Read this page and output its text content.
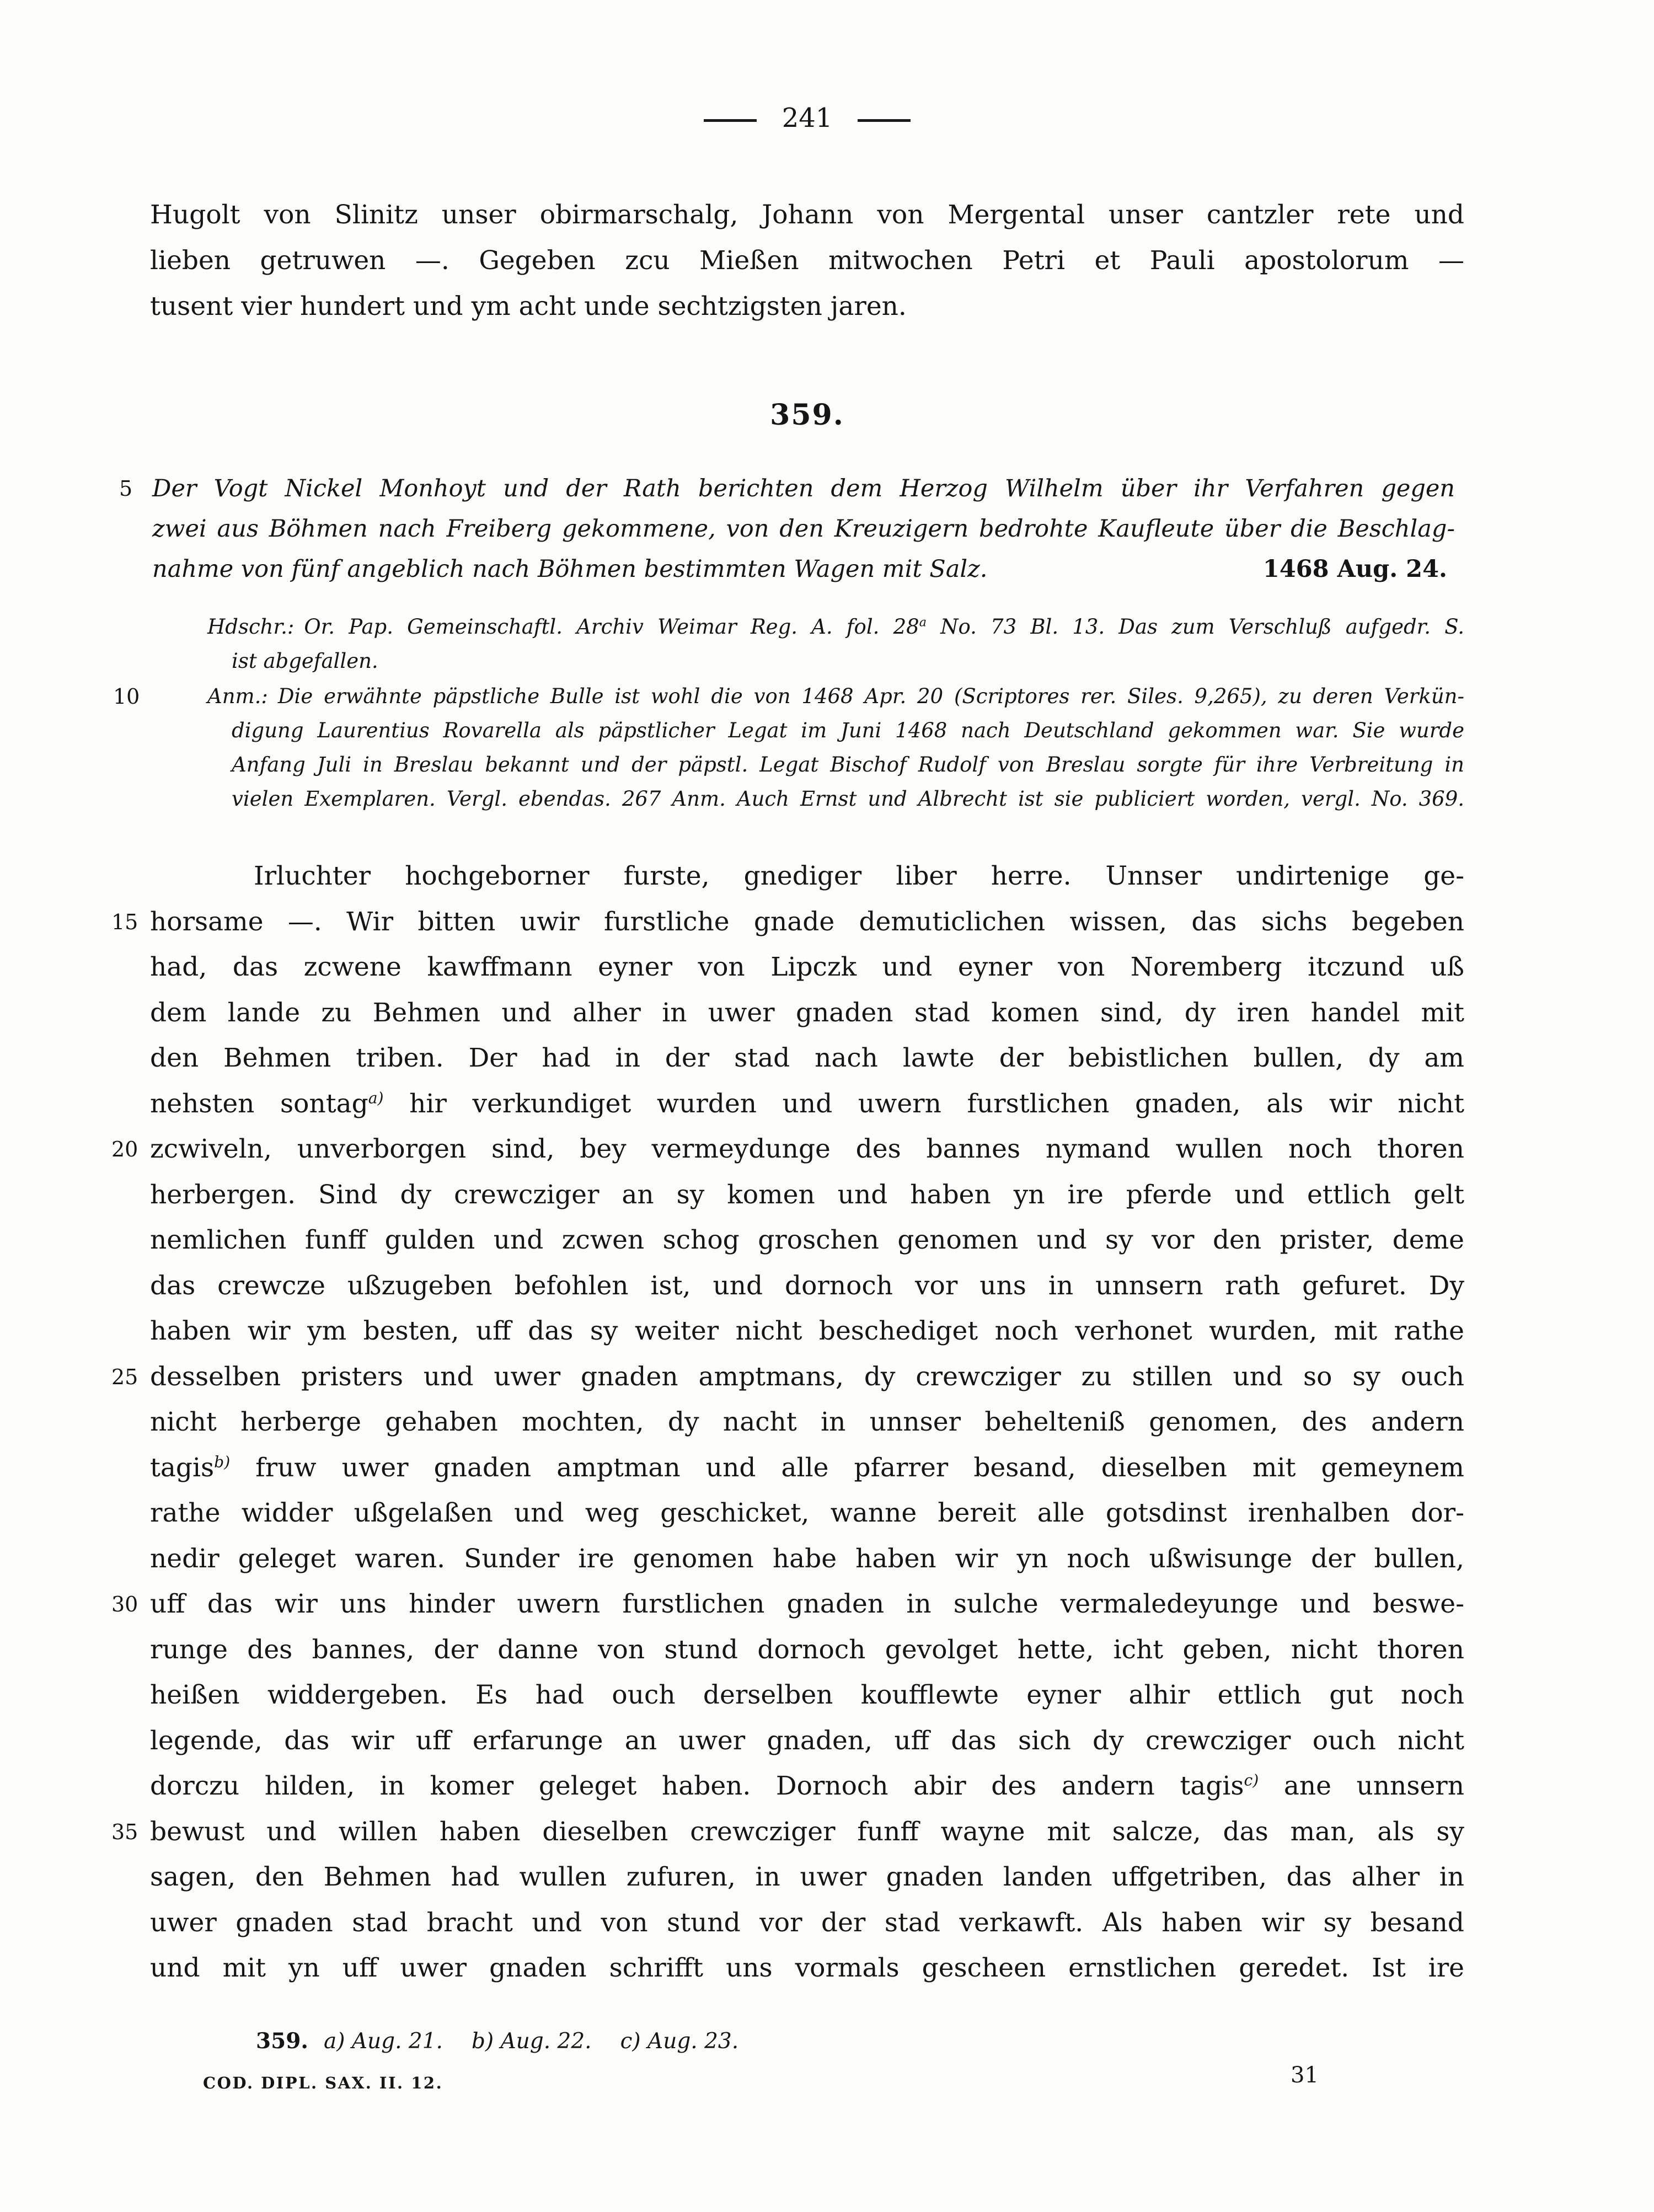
241
Hugolt von Slinitz unser obirmarschalg, Johann von Mergental unser cantzler rete und
lieben getruwen —. Gegeben zcu Mießen mitwochen Petri et Pauli apostolorum —
tusent vier hundert und ym acht unde sechtzigsten jaren.
359.
5 Der Vogt Nickel Monhoyt und der Rath berichten dem Herzog Wilhelm über ihr Verfahren gegen
zwei aus Böhmen nach Freiberg gekommene, von den Kreuzigern bedrohte Kaufleute über die Beschlag-
nahme von fünf angeblich nach Böhmen bestimmten Wagen mit Salz.	1468 Aug. 24.
Hdschr.: Or. Pap. Gemeinschaftl. Archiv Weimar Reg. A. fol. 28$^a$ No. 73 Bl. 13. Das zum Verschluß aufgedr. S.
ist abgefallen.
10	Anm.: Die erwähnte päpstliche Bulle ist wohl die von 1468 Apr. 20 (Scriptores rer. Siles. 9,265), zu deren Verkün-
digung Laurentius Rovarella als päpstlicher Legat im Juni 1468 nach Deutschland gekommen war. Sie wurde
Anfang Juli in Breslau bekannt und der päpstl. Legat Bischof Rudolf von Breslau sorgte für ihre Verbreitung in
vielen Exemplaren. Vergl. ebendas. 267 Anm. Auch Ernst und Albrecht ist sie publiciert worden, vergl. No. 369.
Irluchter hochgeborner furste, gnediger liber herre. Unnser undirtenige ge-
15 horsame —. Wir bitten uwir furstliche gnade demuticlichen wissen, das sichs begeben
had, das zcwene kawffmann eyner von Lipczk und eyner von Noremberg itczund uß
dem lande zu Behmen und alher in uwer gnaden stad komen sind, dy iren handel mit
den Behmen triben. Der had in der stad nach lawte der bebistlichen bullen, dy am
nehsten sontag$^{a)}$ hir verkundiget wurden und uwern furstlichen gnaden, als wir nicht
20 zcwiveln, unverborgen sind, bey vermeydunge des bannes nymand wullen noch thoren
herbergen. Sind dy crewcziger an sy komen und haben yn ire pferde und ettlich gelt
nemlichen funff gulden und zcwen schog groschen genomen und sy vor den prister, deme
das crewcze ußzugeben befohlen ist, und dornoch vor uns in unnsern rath gefuret. Dy
haben wir ym besten, uff das sy weiter nicht beschediget noch verhonet wurden, mit rathe
25 desselben pristers und uwer gnaden amptmans, dy crewcziger zu stillen und so sy ouch
nicht herberge gehaben mochten, dy nacht in unnser behelteniß genomen, des andern
tagis$^{b)}$ fruw uwer gnaden amptman und alle pfarrer besand, dieselben mit gemeynem
rathe widder ußgelaßen und weg geschicket, wanne bereit alle gotsdinst irenhalben dor-
nedir geleget waren. Sunder ire genomen habe haben wir yn noch ußwisunge der bullen,
30 uff das wir uns hinder uwern furstlichen gnaden in sulche vermaledeyunge und beswe-
runge des bannes, der danne von stund dornoch gevolget hette, icht geben, nicht thoren
heißen widdergeben. Es had ouch derselben koufflewte eyner alhir ettlich gut noch
legende, das wir uff erfarunge an uwer gnaden, uff das sich dy crewcziger ouch nicht
dorczu hilden, in komer geleget haben. Dornoch abir des andern tagis$^{c)}$ ane unnsern
35 bewust und willen haben dieselben crewcziger funff wayne mit salcze, das man, als sy
sagen, den Behmen had wullen zufuren, in uwer gnaden landen uffgetriben, das alher in
uwer gnaden stad bracht und von stund vor der stad verkawft. Als haben wir sy besand
und mit yn uff uwer gnaden schrifft uns vormals gescheen ernstlichen geredet. Ist ire
359. a) Aug. 21. b) Aug. 22. c) Aug. 23.
COD. DIPL. SAX. II. 12.	31
